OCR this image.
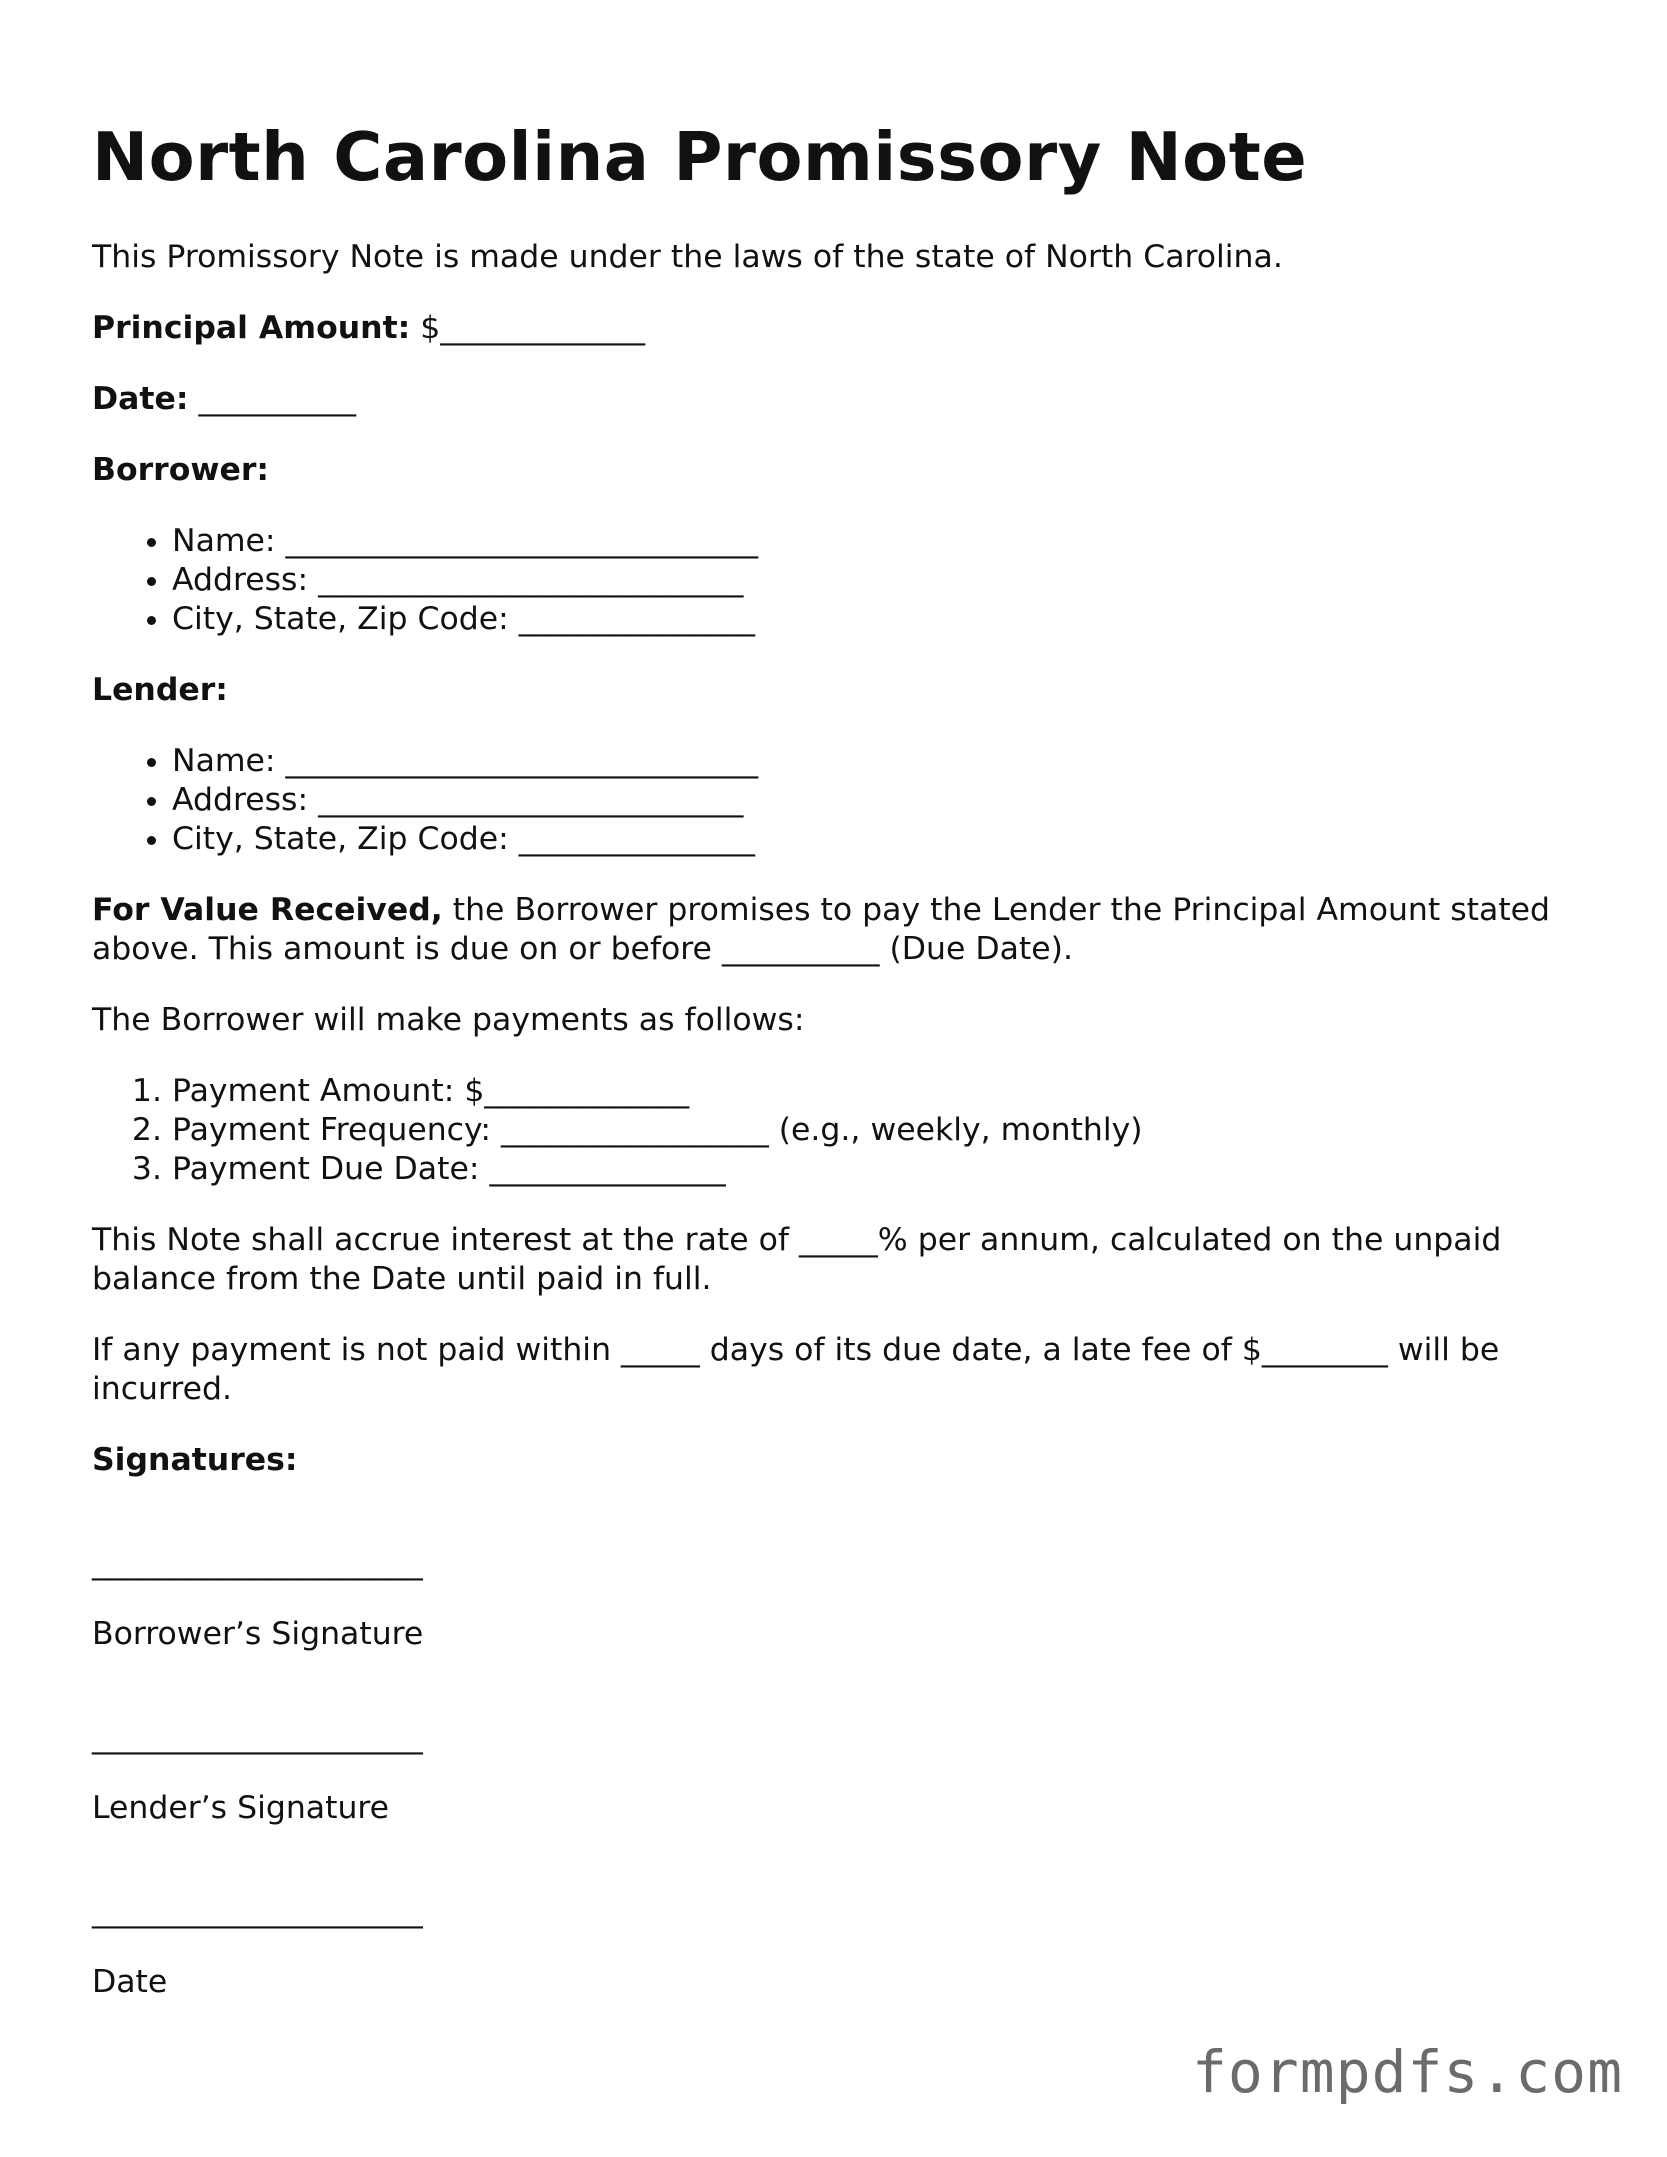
North Carolina Promissory Note

This Promissory Note is made under the laws of the state of North Carolina.

Principal Amount: $_____________

Date: __________

Borrower:

• Name: ______________________________
• Address: ___________________________
• City, State, Zip Code: _______________

Lender:

• Name: ______________________________
• Address: ___________________________
• City, State, Zip Code: _______________

For Value Received, the Borrower promises to pay the Lender the Principal Amount stated above. This amount is due on or before __________ (Due Date).

The Borrower will make payments as follows:

1. Payment Amount: $_____________
2. Payment Frequency: _________________ (e.g., weekly, monthly)
3. Payment Due Date: _______________

This Note shall accrue interest at the rate of _____% per annum, calculated on the unpaid balance from the Date until paid in full.

If any payment is not paid within _____ days of its due date, a late fee of $________ will be incurred.

Signatures:

_____________________

Borrower’s Signature

_____________________

Lender’s Signature

_____________________

Date

formpdfs.com
